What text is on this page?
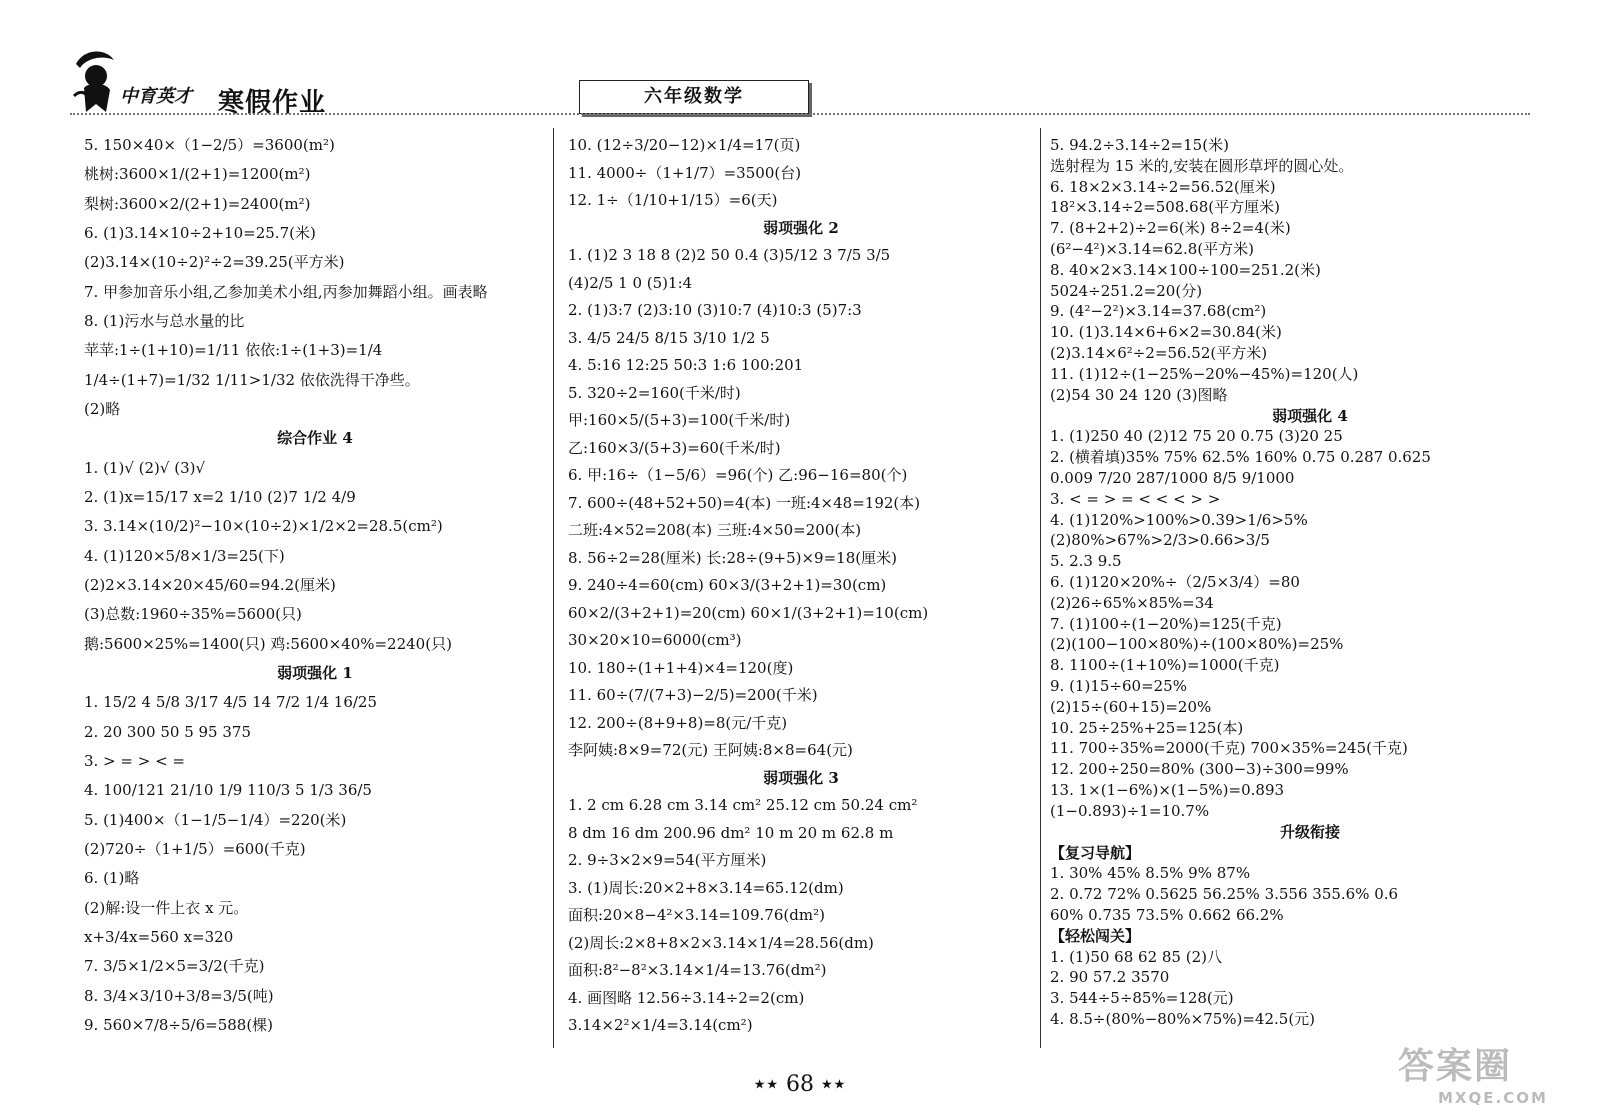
中育英才 寒假作业	六年级数学
5. 150×40×（1−2/5）=3600(m²)
桃树:3600×1/(2+1)=1200(m²)
梨树:3600×2/(2+1)=2400(m²)
6. (1)3.14×10÷2+10=25.7(米)
(2)3.14×(10÷2)²÷2=39.25(平方米)
7. 甲参加音乐小组,乙参加美术小组,丙参加舞蹈小组。画表略
8. (1)污水与总水量的比
苹苹:1÷(1+10)=1/11 依依:1÷(1+3)=1/4
1/4÷(1+7)=1/32 1/11>1/32 依依洗得干净些。
(2)略
综合作业 4
1. (1)√ (2)√ (3)√
2. (1)x=15/17 x=2 1/10 (2)7 1/2 4/9
3. 3.14×(10/2)²−10×(10÷2)×1/2×2=28.5(cm²)
4. (1)120×5/8×1/3=25(下)
(2)2×3.14×20×45/60=94.2(厘米)
(3)总数:1960÷35%=5600(只)
鹅:5600×25%=1400(只) 鸡:5600×40%=2240(只)
弱项强化 1
1. 15/2 4 5/8 3/17 4/5 14 7/2 1/4 16/25
2. 20 300 50 5 95 375
3. > = > < =
4. 100/121 21/10 1/9 110/3 5 1/3 36/5
5. (1)400×（1−1/5−1/4）=220(米)
(2)720÷（1+1/5）=600(千克)
6. (1)略
(2)解:设一件上衣 x 元。
x+3/4x=560 x=320
7. 3/5×1/2×5=3/2(千克)
8. 3/4×3/10+3/8=3/5(吨)
9. 560×7/8÷5/6=588(棵)
10. (12÷3/20−12)×1/4=17(页)
11. 4000÷（1+1/7）=3500(台)
12. 1÷（1/10+1/15）=6(天)
弱项强化 2
1. (1)2 3 18 8 (2)2 50 0.4 (3)5/12 3 7/5 3/5
(4)2/5 1 0 (5)1:4
2. (1)3:7 (2)3:10 (3)10:7 (4)10:3 (5)7:3
3. 4/5 24/5 8/15 3/10 1/2 5
4. 5:16 12:25 50:3 1:6 100:201
5. 320÷2=160(千米/时)
甲:160×5/(5+3)=100(千米/时)
乙:160×3/(5+3)=60(千米/时)
6. 甲:16÷（1−5/6）=96(个) 乙:96−16=80(个)
7. 600÷(48+52+50)=4(本) 一班:4×48=192(本)
二班:4×52=208(本) 三班:4×50=200(本)
8. 56÷2=28(厘米) 长:28÷(9+5)×9=18(厘米)
9. 240÷4=60(cm) 60×3/(3+2+1)=30(cm)
60×2/(3+2+1)=20(cm) 60×1/(3+2+1)=10(cm)
30×20×10=6000(cm³)
10. 180÷(1+1+4)×4=120(度)
11. 60÷(7/(7+3)−2/5)=200(千米)
12. 200÷(8+9+8)=8(元/千克)
李阿姨:8×9=72(元) 王阿姨:8×8=64(元)
弱项强化 3
1. 2 cm 6.28 cm 3.14 cm² 25.12 cm 50.24 cm²
8 dm 16 dm 200.96 dm² 10 m 20 m 62.8 m
2. 9÷3×2×9=54(平方厘米)
3. (1)周长:20×2+8×3.14=65.12(dm)
面积:20×8−4²×3.14=109.76(dm²)
(2)周长:2×8+8×2×3.14×1/4=28.56(dm)
面积:8²−8²×3.14×1/4=13.76(dm²)
4. 画图略 12.56÷3.14÷2=2(cm)
3.14×2²×1/4=3.14(cm²)
5. 94.2÷3.14÷2=15(米)
选射程为 15 米的,安装在圆形草坪的圆心处。
6. 18×2×3.14÷2=56.52(厘米)
18²×3.14÷2=508.68(平方厘米)
7. (8+2+2)÷2=6(米) 8÷2=4(米)
(6²−4²)×3.14=62.8(平方米)
8. 40×2×3.14×100÷100=251.2(米)
5024÷251.2=20(分)
9. (4²−2²)×3.14=37.68(cm²)
10. (1)3.14×6+6×2=30.84(米)
(2)3.14×6²÷2=56.52(平方米)
11. (1)12÷(1−25%−20%−45%)=120(人)
(2)54 30 24 120 (3)图略
弱项强化 4
1. (1)250 40 (2)12 75 20 0.75 (3)20 25
2. (横着填)35% 75% 62.5% 160% 0.75 0.287 0.625
0.009 7/20 287/1000 8/5 9/1000
3. < = > = < < < > >
4. (1)120%>100%>0.39>1/6>5%
(2)80%>67%>2/3>0.66>3/5
5. 2.3 9.5
6. (1)120×20%÷（2/5×3/4）=80
(2)26÷65%×85%=34
7. (1)100÷(1−20%)=125(千克)
(2)(100−100×80%)÷(100×80%)=25%
8. 1100÷(1+10%)=1000(千克)
9. (1)15÷60=25%
(2)15÷(60+15)=20%
10. 25÷25%+25=125(本)
11. 700÷35%=2000(千克) 700×35%=245(千克)
12. 200÷250=80% (300−3)÷300=99%
13. 1×(1−6%)×(1−5%)=0.893
(1−0.893)÷1=10.7%
升级衔接
【复习导航】
1. 30% 45% 8.5% 9% 87%
2. 0.72 72% 0.5625 56.25% 3.556 355.6% 0.6
60% 0.735 73.5% 0.662 66.2%
【轻松闯关】
1. (1)50 68 62 85 (2)八
2. 90 57.2 3570
3. 544÷5÷85%=128(元)
4. 8.5÷(80%−80%×75%)=42.5(元)
★★ 68 ★★	答案圈
MXQE.COM
